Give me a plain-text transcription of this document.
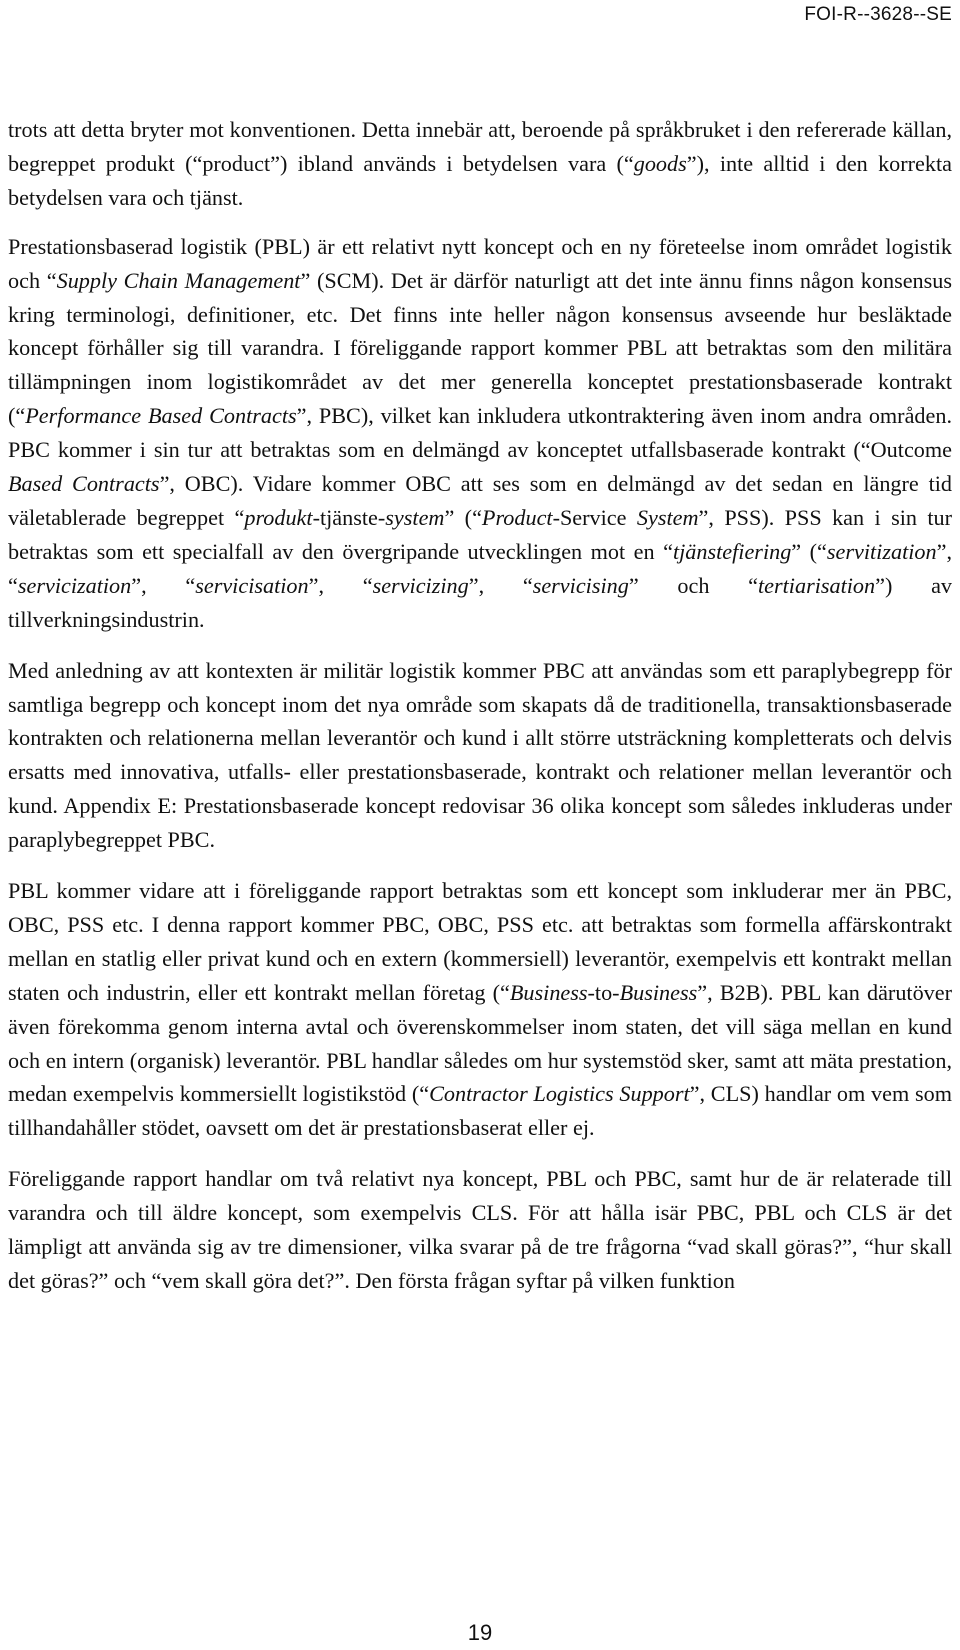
FOI-R--3628--SE

trots att detta bryter mot konventionen. Detta innebär att, beroende på språkbruket i den refererade källan, begreppet produkt (“product”) ibland används i betydelsen vara (“goods”), inte alltid i den korrekta betydelsen vara och tjänst.

Prestationsbaserad logistik (PBL) är ett relativt nytt koncept och en ny företeelse inom området logistik och “Supply Chain Management” (SCM). Det är därför naturligt att det inte ännu finns någon konsensus kring terminologi, definitioner, etc. Det finns inte heller någon konsensus avseende hur besläktade koncept förhåller sig till varandra. I föreliggande rapport kommer PBL att betraktas som den militära tillämpningen inom logistikområdet av det mer generella konceptet prestationsbaserade kontrakt (“Performance Based Contracts”, PBC), vilket kan inkludera utkontraktering även inom andra områden. PBC kommer i sin tur att betraktas som en delmängd av konceptet utfallsbaserade kontrakt (“Outcome Based Contracts”, OBC). Vidare kommer OBC att ses som en delmängd av det sedan en längre tid väletablerade begreppet “produkt-tjänste-system” (“Product-Service System”, PSS). PSS kan i sin tur betraktas som ett specialfall av den övergripande utvecklingen mot en “tjänstefiering” (“servitization”, “servicization”, “servicisation”, “servicizing”, “servicising” och “tertiarisation”) av tillverkningsindustrin.

Med anledning av att kontexten är militär logistik kommer PBC att användas som ett paraplybegrepp för samtliga begrepp och koncept inom det nya område som skapats då de traditionella, transaktionsbaserade kontrakten och relationerna mellan leverantör och kund i allt större utsträckning kompletterats och delvis ersatts med innovativa, utfalls- eller prestationsbaserade, kontrakt och relationer mellan leverantör och kund. Appendix E: Prestationsbaserade koncept redovisar 36 olika koncept som således inkluderas under paraplybegreppet PBC.

PBL kommer vidare att i föreliggande rapport betraktas som ett koncept som inkluderar mer än PBC, OBC, PSS etc. I denna rapport kommer PBC, OBC, PSS etc. att betraktas som formella affärskontrakt mellan en statlig eller privat kund och en extern (kommersiell) leverantör, exempelvis ett kontrakt mellan staten och industrin, eller ett kontrakt mellan företag (“Business-to-Business”, B2B). PBL kan därutöver även förekomma genom interna avtal och överenskommelser inom staten, det vill säga mellan en kund och en intern (organisk) leverantör. PBL handlar således om hur systemstöd sker, samt att mäta prestation, medan exempelvis kommersiellt logistikstöd (“Contractor Logistics Support”, CLS) handlar om vem som tillhandahåller stödet, oavsett om det är prestationsbaserat eller ej.

Föreliggande rapport handlar om två relativt nya koncept, PBL och PBC, samt hur de är relaterade till varandra och till äldre koncept, som exempelvis CLS. För att hålla isär PBC, PBL och CLS är det lämpligt att använda sig av tre dimensioner, vilka svarar på de tre frågorna “vad skall göras?”, “hur skall det göras?” och “vem skall göra det?”. Den första frågan syftar på vilken funktion

19
